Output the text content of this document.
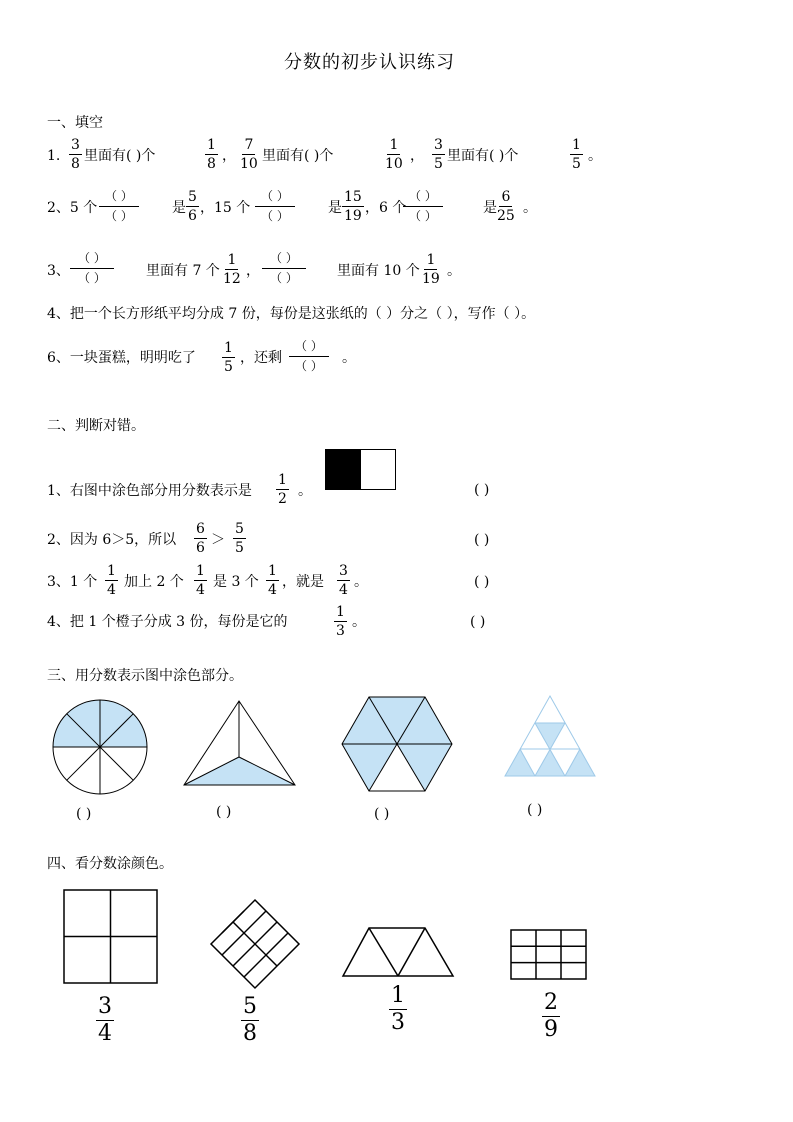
分数的初步认识练习
一、填空
1. $\frac{3}{8}$ 里面有( )个	$\frac{1}{8}$ ， $\frac{7}{10}$ 里面有( )个	$\frac{1}{10}$ ， $\frac{3}{5}$ 里面有( )个	$\frac{1}{5}$ 。
2、5 个
（ ）
（ ）	是 $\frac{5}{6}$ ，15 个
（ ）
（ ）	是 $\frac{15}{19}$ ，6 个
（ ）
（ ）	是 $\frac{6}{25}$ 。
3、
（ ）
（ ）	里面有 7 个 $\frac{1}{12}$ ，
（ ）
（ ）	里面有 10 个 $\frac{1}{19}$ 。
4、把一个长方形纸平均分成 7 份，每份是这张纸的（ ）分之（ ），写作（ ）。
6、一块蛋糕，明明吃了 $\frac{1}{5}$ ，还剩
（ ）
（ ） 。
二、判断对错。
1、右图中涂色部分用分数表示是 $\frac{1}{2}$ 。	( )
2、因为 6＞5，所以 $\frac{6}{6} > \frac{5}{5}$	( )
3、1 个 $\frac{1}{4}$ 加上 2 个 $\frac{1}{4}$ 是 3 个 $\frac{1}{4}$ ，就是 $\frac{3}{4}$ 。	( )
4、把 1 个橙子分成 3 份，每份是它的	$\frac{1}{3}$ 。	( )
三、用分数表示图中涂色部分。
( )	( )	( )	( )
四、看分数涂颜色。
3
4
5
8
1
3
2
9
